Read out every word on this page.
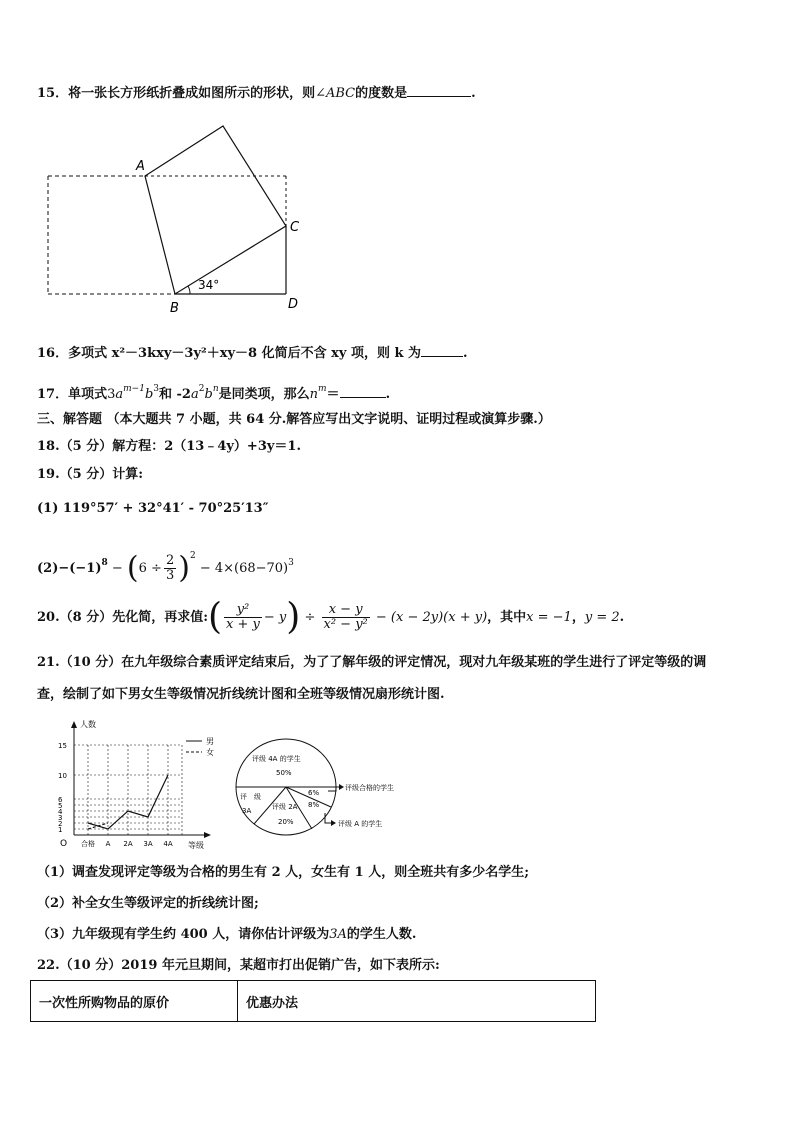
15．将一张长方形纸折叠成如图所示的形状，则∠ABC的度数是	.
A
B
C
D
34°
16．多项式 x²－3kxy－3y²＋xy－8 化简后不含 xy 项，则 k 为	.
17．单项式$3a^{m-1}b^3$和 $-2a^2b^n$是同类项，那么$n^m=$	.
三、解答题 （本大题共 7 小题，共 64 分.解答应写出文字说明、证明过程或演算步骤.）
18.（5 分）解方程：2（13﹣4y）+3y＝1.
19.（5 分）计算:
(1) 119°57′ + 32°41′ - 70°25′13″
$(2)-(-1)^8 - (6 \div \frac{2}{3} )^2 - 4\times(68-70)^3$
20.（8 分）先化简，再求值:( $\frac{\text{y²}}{x + y} - y) \div \frac{x - y}{\text{x² − y²}} - (x - 2y)(x + y)$，其中x = −1，y = 2.
21.（10 分）在九年级综合素质评定结束后，为了了解年级的评定情况，现对九年级某班的学生进行了评定等级的调
查，绘制了如下男女生等级情况折线统计图和全班等级情况扇形统计图.
15
10
6
5
4
3
2
1
合格 A 2A 3A 4A
人数
等级
O
男
女
评级 4A 的学生
50%
评　级
3A	评级 2A
20%
6%
8%
评级合格的学生
评级 A 的学生
（1）调查发现评定等级为合格的男生有 2 人，女生有 1 人，则全班共有多少名学生;
（2）补全女生等级评定的折线统计图;
（3）九年级现有学生约 400 人，请你估计评级为3A的学生人数.
22.（10 分）2019 年元旦期间，某超市打出促销广告，如下表所示:
一次性所购物品的原价	优惠办法
